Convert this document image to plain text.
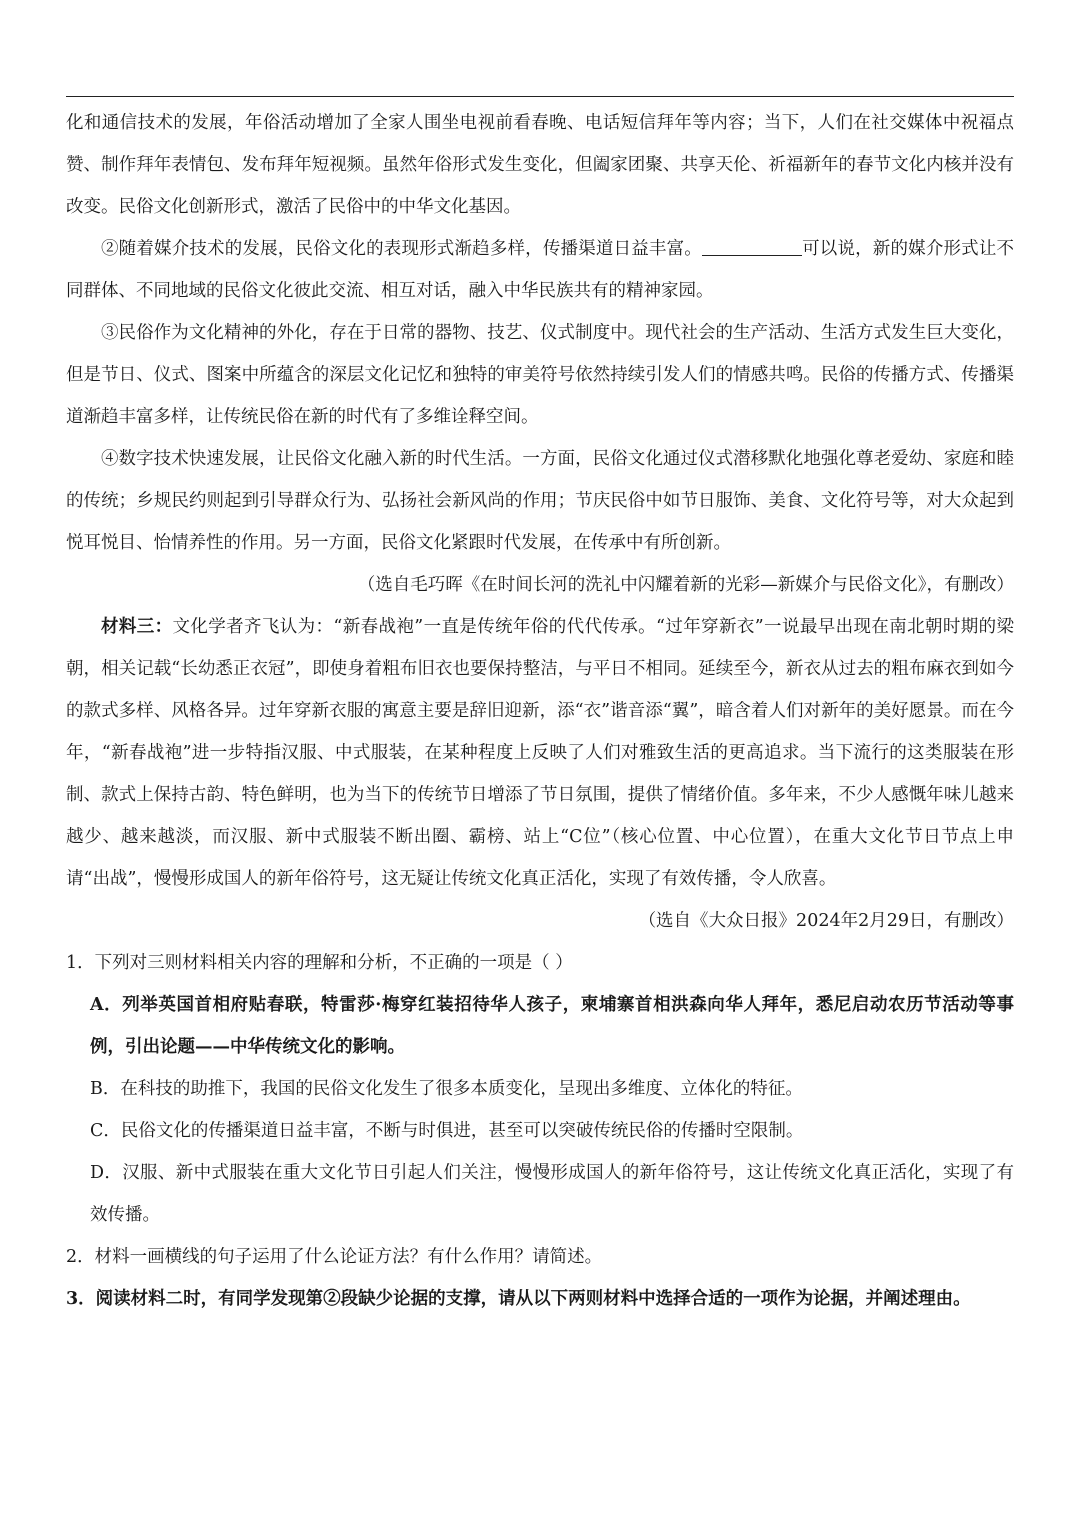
化和通信技术的发展，年俗活动增加了全家人围坐电视前看春晚、电话短信拜年等内容；当下，人们在社交媒体中祝福点赞、制作拜年表情包、发布拜年短视频。虽然年俗形式发生变化，但阖家团聚、共享天伦、祈福新年的春节文化内核并没有改变。民俗文化创新形式，激活了民俗中的中华文化基因。

②随着媒介技术的发展，民俗文化的表现形式渐趋多样，传播渠道日益丰富。	可以说，新的媒介形式让不同群体、不同地域的民俗文化彼此交流、相互对话，融入中华民族共有的精神家园。

③民俗作为文化精神的外化，存在于日常的器物、技艺、仪式制度中。现代社会的生产活动、生活方式发生巨大变化，但是节日、仪式、图案中所蕴含的深层文化记忆和独特的审美符号依然持续引发人们的情感共鸣。民俗的传播方式、传播渠道渐趋丰富多样，让传统民俗在新的时代有了多维诠释空间。

④数字技术快速发展，让民俗文化融入新的时代生活。一方面，民俗文化通过仪式潜移默化地强化尊老爱幼、家庭和睦的传统；乡规民约则起到引导群众行为、弘扬社会新风尚的作用；节庆民俗中如节日服饰、美食、文化符号等，对大众起到悦耳悦目、怡情养性的作用。另一方面，民俗文化紧跟时代发展，在传承中有所创新。

（选自毛巧晖《在时间长河的洗礼中闪耀着新的光彩—新媒介与民俗文化》，有删改）

材料三：文化学者齐飞认为：“新春战袍”一直是传统年俗的代代传承。“过年穿新衣”一说最早出现在南北朝时期的梁朝，相关记载“长幼悉正衣冠”，即使身着粗布旧衣也要保持整洁，与平日不相同。延续至今，新衣从过去的粗布麻衣到如今的款式多样、风格各异。过年穿新衣服的寓意主要是辞旧迎新，添“衣”谐音添“翼”，暗含着人们对新年的美好愿景。而在今年，“新春战袍”进一步特指汉服、中式服装，在某种程度上反映了人们对雅致生活的更高追求。当下流行的这类服装在形制、款式上保持古韵、特色鲜明，也为当下的传统节日增添了节日氛围，提供了情绪价值。多年来，不少人感慨年味儿越来越少、越来越淡，而汉服、新中式服装不断出圈、霸榜、站上“C位”（核心位置、中心位置），在重大文化节日节点上申请“出战”，慢慢形成国人的新年俗符号，这无疑让传统文化真正活化，实现了有效传播，令人欣喜。

（选自《大众日报》2024年2月29日，有删改）

1．下列对三则材料相关内容的理解和分析，不正确的一项是（ ）

A．列举英国首相府贴春联，特雷莎·梅穿红装招待华人孩子，柬埔寨首相洪森向华人拜年，悉尼启动农历节活动等事例，引出论题——中华传统文化的影响。

B．在科技的助推下，我国的民俗文化发生了很多本质变化，呈现出多维度、立体化的特征。

C．民俗文化的传播渠道日益丰富，不断与时俱进，甚至可以突破传统民俗的传播时空限制。

D．汉服、新中式服装在重大文化节日引起人们关注，慢慢形成国人的新年俗符号，这让传统文化真正活化，实现了有效传播。

2．材料一画横线的句子运用了什么论证方法？有什么作用？请简述。

3．阅读材料二时，有同学发现第②段缺少论据的支撑，请从以下两则材料中选择合适的一项作为论据，并阐述理由。
